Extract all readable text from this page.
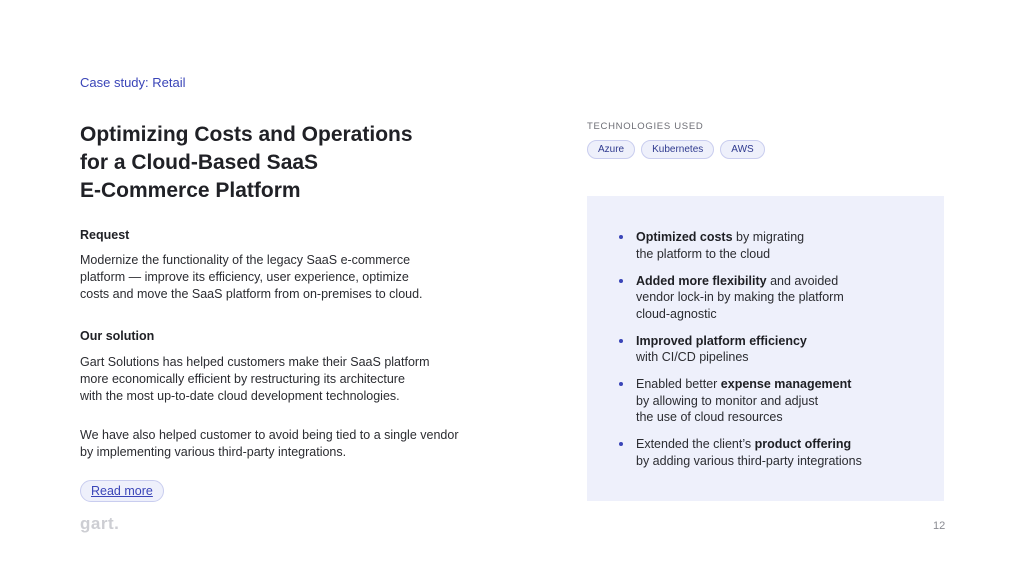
Case study: Retail
Optimizing Costs and Operations
for a Cloud-Based SaaS
E-Commerce Platform
Request
Modernize the functionality of the legacy SaaS e-commerce
platform — improve its efficiency, user experience, optimize
costs and move the SaaS platform from on-premises to cloud.
Our solution
Gart Solutions has helped customers make their SaaS platform
more economically efficient by restructuring its architecture
with the most up-to-date cloud development technologies.
We have also helped customer to avoid being tied to a single vendor
by implementing various third-party integrations.
Read more
gart.
TECHNOLOGIES USED
Azure	Kubernetes	AWS
Optimized costs by migrating
the platform to the cloud
Added more flexibility and avoided
vendor lock-in by making the platform
cloud-agnostic
Improved platform efficiency
with CI/CD pipelines
Enabled better expense management
by allowing to monitor and adjust
the use of cloud resources
Extended the client’s product offering
by adding various third-party integrations
12
